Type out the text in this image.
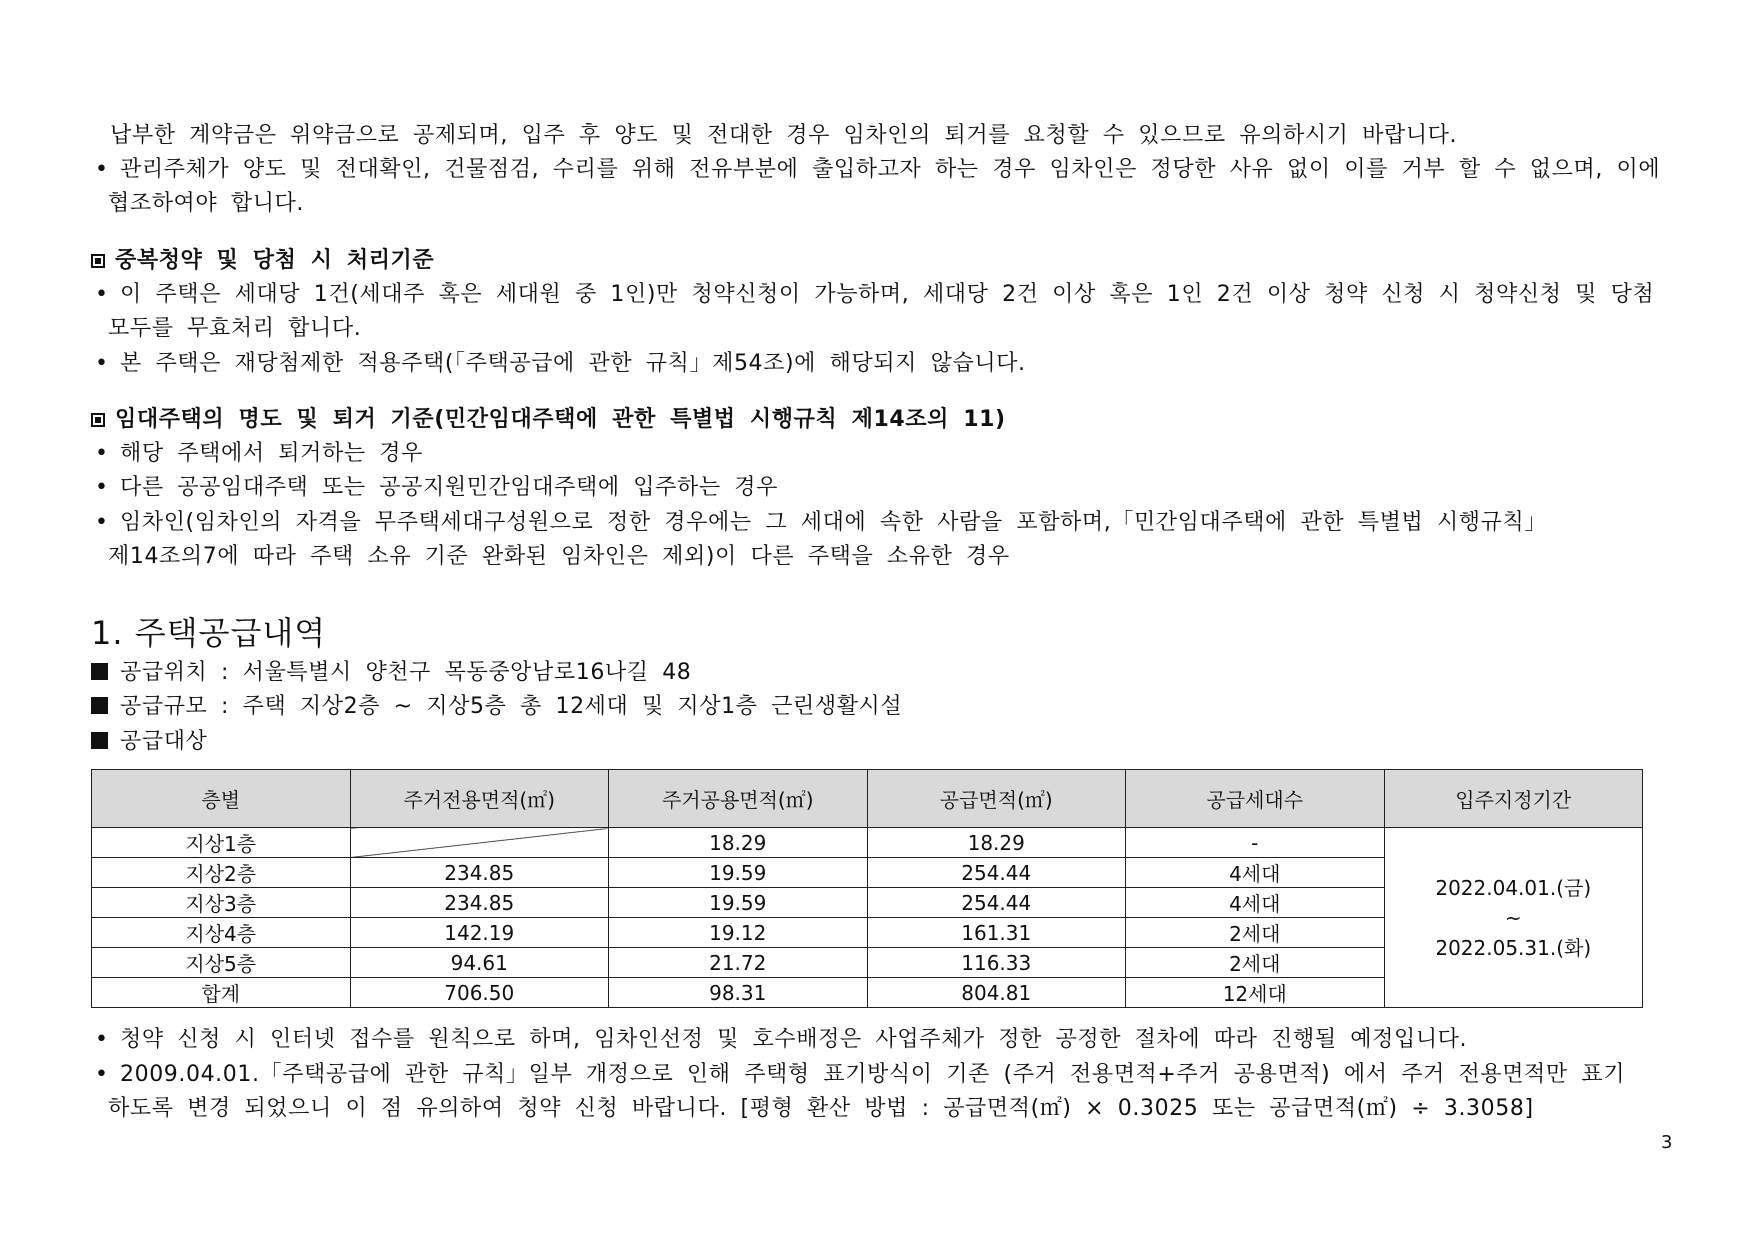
납부한 계약금은 위약금으로 공제되며, 입주 후 양도 및 전대한 경우 임차인의 퇴거를 요청할 수 있으므로 유의하시기 바랍니다.
• 관리주체가 양도 및 전대확인, 건물점검, 수리를 위해 전유부분에 출입하고자 하는 경우 임차인은 정당한 사유 없이 이를 거부 할 수 없으며, 이에
협조하여야 합니다.
중복청약 및 당첨 시 처리기준
• 이 주택은 세대당 1건(세대주 혹은 세대원 중 1인)만 청약신청이 가능하며, 세대당 2건 이상 혹은 1인 2건 이상 청약 신청 시 청약신청 및 당첨
모두를 무효처리 합니다.
• 본 주택은 재당첨제한 적용주택(「주택공급에 관한 규칙」제54조)에 해당되지 않습니다.
임대주택의 명도 및 퇴거 기준(민간임대주택에 관한 특별법 시행규칙 제14조의 11)
• 해당 주택에서 퇴거하는 경우
• 다른 공공임대주택 또는 공공지원민간임대주택에 입주하는 경우
• 임차인(임차인의 자격을 무주택세대구성원으로 정한 경우에는 그 세대에 속한 사람을 포함하며,「민간임대주택에 관한 특별법 시행규칙」
제14조의7에 따라 주택 소유 기준 완화된 임차인은 제외)이 다른 주택을 소유한 경우
1. 주택공급내역
공급위치 : 서울특별시 양천구 목동중앙남로16나길 48
공급규모 : 주택 지상2층 ~ 지상5층 총 12세대 및 지상1층 근린생활시설
공급대상
층별	주거전용면적(㎡)	주거공용면적(㎡)	공급면적(㎡)	공급세대수	입주지정기간
지상1층		18.29	18.29	-	2022.04.01.(금)
~
2022.05.31.(화)

지상2층	234.85	19.59	254.44	4세대	
지상3층	234.85	19.59	254.44	4세대	
지상4층	142.19	19.12	161.31	2세대	
지상5층	94.61	21.72	116.33	2세대	
합계	706.50	98.31	804.81	12세대	
• 청약 신청 시 인터넷 접수를 원칙으로 하며, 임차인선정 및 호수배정은 사업주체가 정한 공정한 절차에 따라 진행될 예정입니다.
• 2009.04.01.「주택공급에 관한 규칙」일부 개정으로 인해 주택형 표기방식이 기존 (주거 전용면적+주거 공용면적) 에서 주거 전용면적만 표기
하도록 변경 되었으니 이 점 유의하여 청약 신청 바랍니다. [평형 환산 방법 : 공급면적(㎡) × 0.3025 또는 공급면적(㎡) ÷ 3.3058]
3
